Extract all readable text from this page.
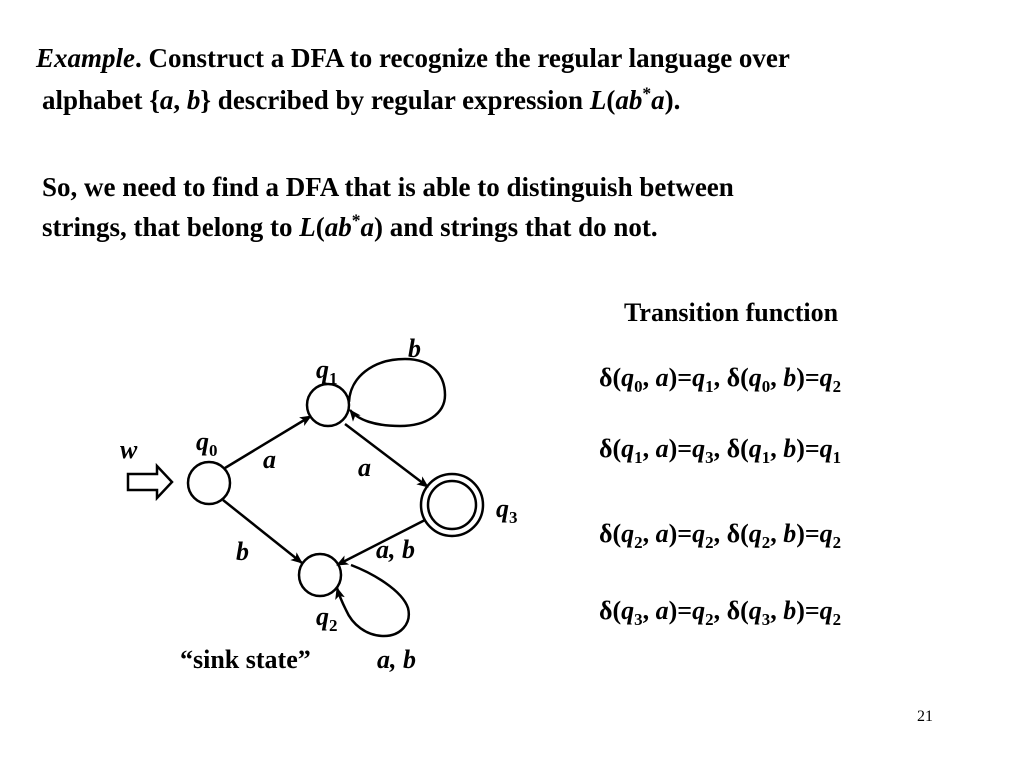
Example. Construct a DFA to recognize the regular language over
alphabet {a, b} described by regular expression L(ab*a).
So, we need to find a DFA that is able to distinguish between
strings, that belong to L(ab*a) and strings that do not.
w $q_0$
$q_1$
$q_2$
$q_3$
b
a
b
a
a, b
a, b
“sink state”
Transition function
$\delta(q_0$, $a)=q_1$, $\delta(q_0$, $b)=q_2$
$\delta(q_1$, $a)=q_3$, $\delta(q_1$, $b)=q_1$
$\delta(q_2$, $a)=q_2$, $\delta(q_2$, $b)=q_2$
$\delta(q_3$, $a)=q_2$, $\delta(q_3$, $b)=q_2$
21
